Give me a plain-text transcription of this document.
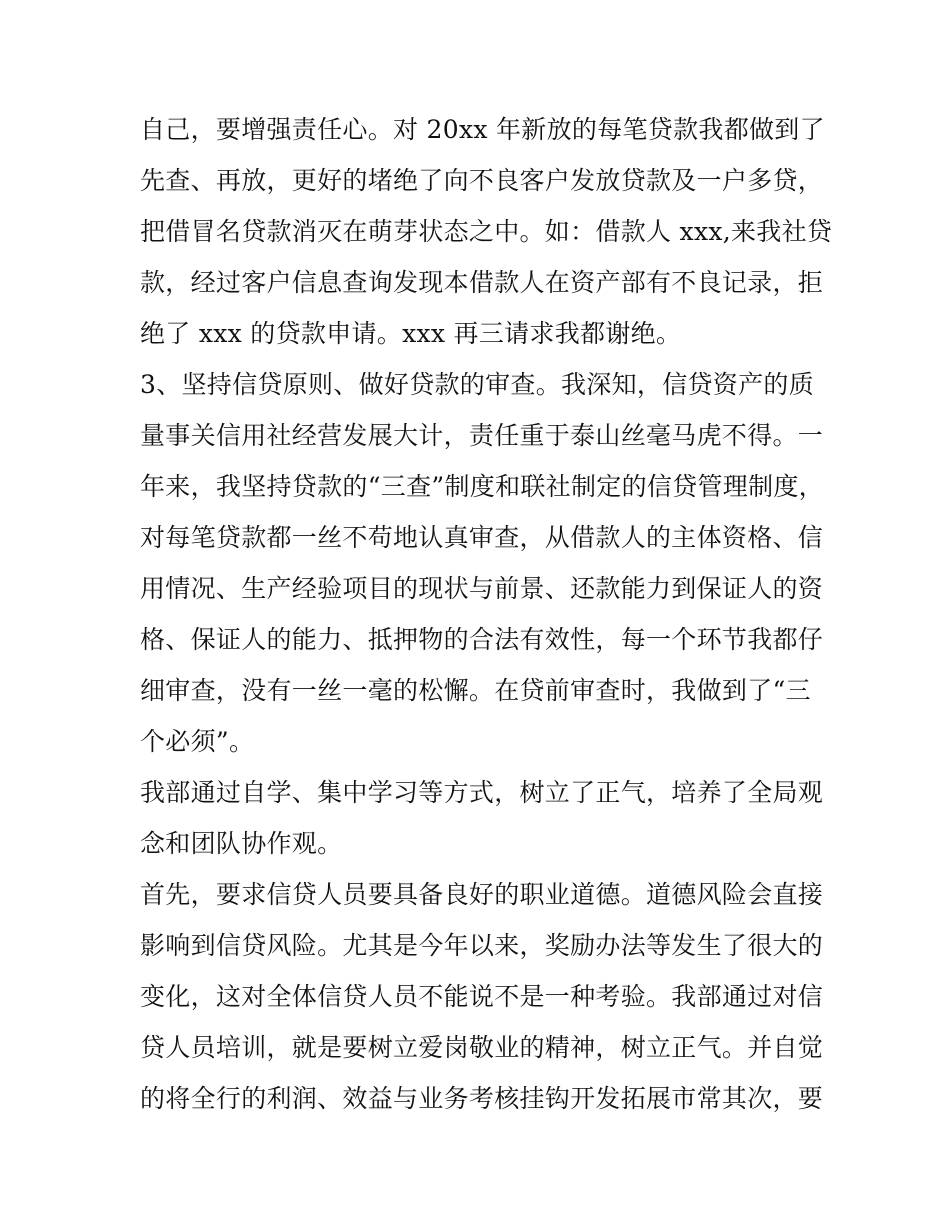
自己，要增强责任心。对 20xx 年新放的每笔贷款我都做到了
先查、再放，更好的堵绝了向不良客户发放贷款及一户多贷，
把借冒名贷款消灭在萌芽状态之中。如：借款人 xxx,来我社贷
款，经过客户信息查询发现本借款人在资产部有不良记录，拒
绝了 xxx 的贷款申请。xxx 再三请求我都谢绝。
3、坚持信贷原则、做好贷款的审查。我深知，信贷资产的质
量事关信用社经营发展大计，责任重于泰山丝毫马虎不得。一
年来，我坚持贷款的“三查”制度和联社制定的信贷管理制度，
对每笔贷款都一丝不苟地认真审查，从借款人的主体资格、信
用情况、生产经验项目的现状与前景、还款能力到保证人的资
格、保证人的能力、抵押物的合法有效性，每一个环节我都仔
细审查，没有一丝一毫的松懈。在贷前审查时，我做到了“三
个必须”。
我部通过自学、集中学习等方式，树立了正气，培养了全局观
念和团队协作观。
首先，要求信贷人员要具备良好的职业道德。道德风险会直接
影响到信贷风险。尤其是今年以来，奖励办法等发生了很大的
变化，这对全体信贷人员不能说不是一种考验。我部通过对信
贷人员培训，就是要树立爱岗敬业的精神，树立正气。并自觉
的将全行的利润、效益与业务考核挂钩开发拓展市常其次，要
